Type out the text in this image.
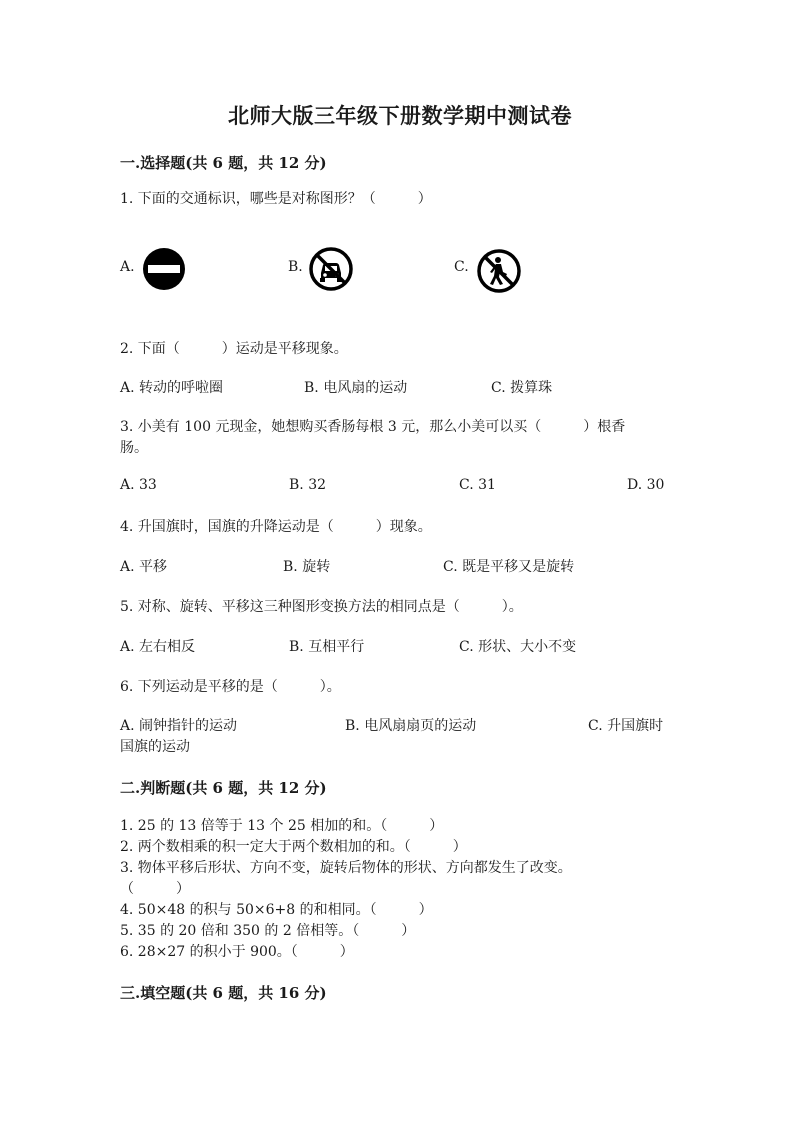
北师大版三年级下册数学期中测试卷
一.选择题(共 6 题，共 12 分)
1. 下面的交通标识，哪些是对称图形？（　　　）
A.	B.	C.
2. 下面（　　　）运动是平移现象。
A. 转动的呼啦圈	B. 电风扇的运动	C. 拨算珠
3. 小美有 100 元现金，她想购买香肠每根 3 元，那么小美可以买（　　　）根香
肠。
A. 33	B. 32	C. 31	D. 30
4. 升国旗时，国旗的升降运动是（　　　）现象。
A. 平移	B. 旋转	C. 既是平移又是旋转
5. 对称、旋转、平移这三种图形变换方法的相同点是（　　　）。
A. 左右相反	B. 互相平行	C. 形状、大小不变
6. 下列运动是平移的是（　　　）。
A. 闹钟指针的运动	B. 电风扇扇页的运动	C. 升国旗时
国旗的运动
二.判断题(共 6 题，共 12 分)
1. 25 的 13 倍等于 13 个 25 相加的和。（　　　）
2. 两个数相乘的积一定大于两个数相加的和。（　　　）
3. 物体平移后形状、方向不变，旋转后物体的形状、方向都发生了改变。
（　　　）
4. 50×48 的积与 50×6+8 的和相同。（　　　）
5. 35 的 20 倍和 350 的 2 倍相等。（　　　）
6. 28×27 的积小于 900。（　　　）
三.填空题(共 6 题，共 16 分)
